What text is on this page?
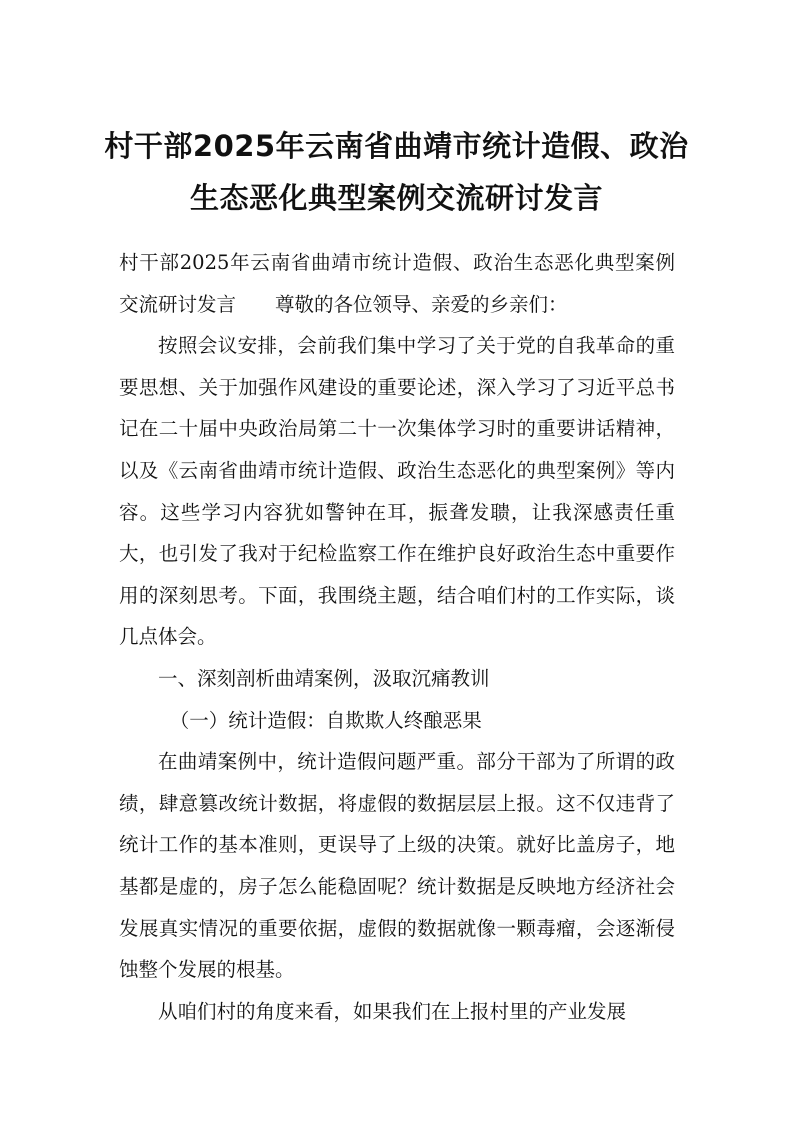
村干部2025年云南省曲靖市统计造假、政治生态恶化典型案例交流研讨发言

村干部2025年云南省曲靖市统计造假、政治生态恶化典型案例交流研讨发言　　尊敬的各位领导、亲爱的乡亲们：

按照会议安排，会前我们集中学习了关于党的自我革命的重要思想、关于加强作风建设的重要论述，深入学习了习近平总书记在二十届中央政治局第二十一次集体学习时的重要讲话精神，以及《云南省曲靖市统计造假、政治生态恶化的典型案例》等内容。这些学习内容犹如警钟在耳，振聋发聩，让我深感责任重大，也引发了我对于纪检监察工作在维护良好政治生态中重要作用的深刻思考。下面，我围绕主题，结合咱们村的工作实际，谈几点体会。

一、深刻剖析曲靖案例，汲取沉痛教训

（一）统计造假：自欺欺人终酿恶果

在曲靖案例中，统计造假问题严重。部分干部为了所谓的政绩，肆意篡改统计数据，将虚假的数据层层上报。这不仅违背了统计工作的基本准则，更误导了上级的决策。就好比盖房子，地基都是虚的，房子怎么能稳固呢？统计数据是反映地方经济社会发展真实情况的重要依据，虚假的数据就像一颗毒瘤，会逐渐侵蚀整个发展的根基。

从咱们村的角度来看，如果我们在上报村里的产业发展
